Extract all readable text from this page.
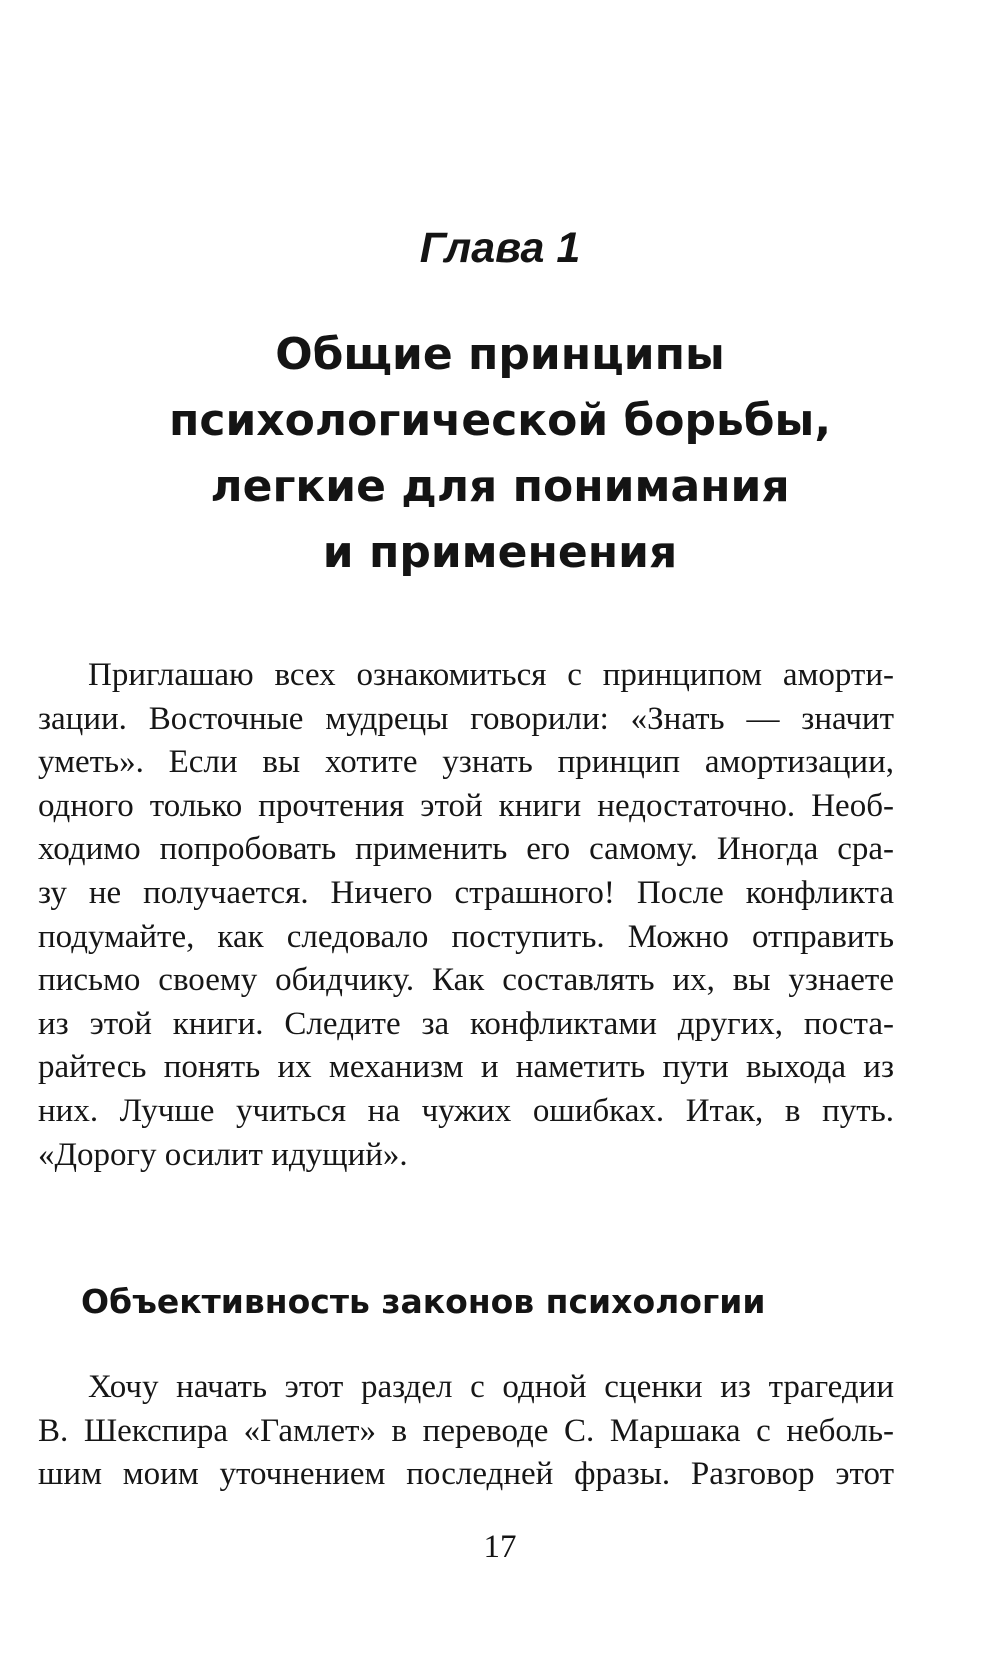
Глава 1
Общие принципы
психологической борьбы,
легкие для понимания
и применения
Приглашаю всех ознакомиться с принципом аморти-
зации. Восточные мудрецы говорили: «Знать — значит
уметь». Если вы хотите узнать принцип амортизации,
одного только прочтения этой книги недостаточно. Необ-
ходимо попробовать применить его самому. Иногда сра-
зу не получается. Ничего страшного! После конфликта
подумайте, как следовало поступить. Можно отправить
письмо своему обидчику. Как составлять их, вы узнаете
из этой книги. Следите за конфликтами других, поста-
райтесь понять их механизм и наметить пути выхода из
них. Лучше учиться на чужих ошибках. Итак, в путь.
«Дорогу осилит идущий».
Объективность законов психологии
Хочу начать этот раздел с одной сценки из трагедии
В. Шекспира «Гамлет» в переводе С. Маршака с неболь-
шим моим уточнением последней фразы. Разговор этот
17
